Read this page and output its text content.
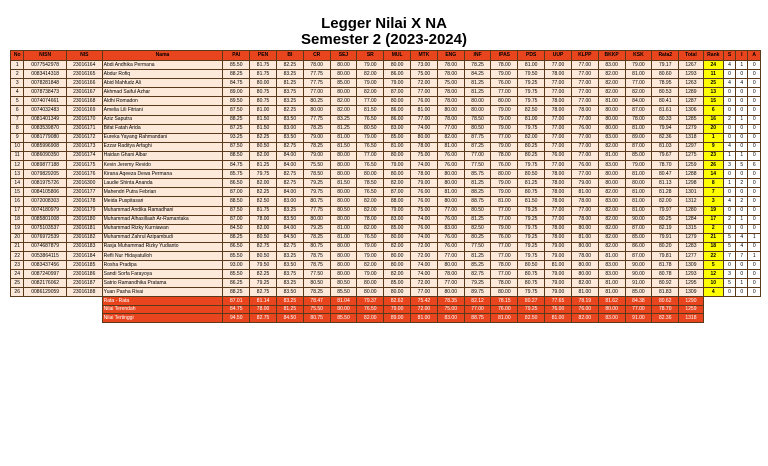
Legger Nilai X NA
Semester 2 (2023-2024)
No	NISN	NIS	Nama	PAI	PEN	BI	CR	SEJ	SR	MUL	MTK	ENG	INF	IPAS	PDS	UUP	KLPP	BKKP	KSK	Rata2	Total	Rank	S	I	A
1	0077542978	23016164	Abdi Andhika Permana	85.50	81.75	82.25	78.00	80.00	79.00	80.00	73.00	78.00	78.25	78.00	81.00	77.00	77.00	83.00	79.00	79.17	1267	24	4	1	0
2	0083414318	23016165	Abdur Rofiq	88.25	81.75	83.25	77.75	80.00	82.00	86.00	75.00	78.00	84.25	79.00	79.50	78.00	77.00	82.00	81.00	80.60	1293	11	0	0	0
3	0078281848	23016166	Abid Mahfudz Ali	84.75	80.00	81.25	77.75	85.00	79.00	79.00	72.00	75.00	81.25	76.00	79.25	77.00	77.00	82.00	77.00	78.95	1263	25	4	4	0
4	0078738473	23016167	Akhmad Saiful Azhar	89.00	80.75	83.75	77.00	80.00	82.00	87.00	77.00	78.00	81.25	77.00	79.75	77.00	77.00	82.00	82.00	80.53	1289	13	0	0	0
5	0074074661	23016168	Aldhi Romadon	89.50	80.75	83.25	80.25	82.00	77.00	80.00	76.00	78.00	80.00	80.00	79.75	78.00	77.00	81.00	84.00	80.41	1287	15	0	0	0
6	0074032483	23016169	Amelia Lili Fitriani	87.50	81.00	82.25	80.00	82.00	81.50	86.00	81.00	80.00	80.00	79.00	82.50	78.00	78.00	80.00	87.00	81.61	1306	6	0	0	0
7	0081401349	23016170	Aziz Saputra	88.25	81.50	83.50	77.75	83.25	76.50	86.00	77.00	78.00	78.50	79.00	81.00	77.00	77.00	80.00	78.00	80.33	1285	16	2	1	0
8	0083539870	23016171	Bifat Fatah Arida	87.25	81.50	83.00	78.25	81.25	80.50	83.00	74.00	77.00	80.50	79.00	79.75	77.00	76.00	80.00	81.00	79.94	1279	20	0	0	0
9	0081779080	23016172	Eureka Yayang Rahmandani	93.25	82.25	83.50	79.00	81.00	79.00	85.00	80.00	82.00	87.75	77.00	82.00	77.00	77.00	83.00	89.00	82.36	1318	1	0	0	0
10	0085996908	23016173	Ezzar Raditya Arfaghi	87.50	80.50	82.75	78.25	81.50	76.50	81.00	78.00	81.00	87.25	79.00	80.25	77.00	77.00	82.00	87.00	81.03	1297	9	4	0	0
11	0086090350	23016174	Haidan Ghani Albar	88.50	82.00	84.00	79.00	80.00	77.00	80.00	75.00	76.00	77.00	78.00	80.25	76.00	77.00	81.00	85.00	79.67	1275	23	1	1	0
12	0089877188	23016175	Kevin Jeremy Revido	84.75	81.25	84.00	75.50	80.00	76.50	79.00	74.00	76.00	77.50	76.00	79.75	77.00	76.00	83.00	79.00	78.70	1259	26	3	5	6
13	0079829205	23016176	Kirana Aqeeza Dewa Permana	85.75	79.75	82.75	78.50	80.00	80.00	80.00	78.00	80.00	85.75	80.00	80.50	78.00	77.00	80.00	81.00	80.47	1288	14	0	0	0
14	0081975726	23016300	Laudie Shinta Ananda	86.50	82.00	82.75	79.25	81.50	78.50	82.00	79.00	80.00	81.25	79.00	81.25	78.00	79.00	80.00	80.00	81.13	1298	8	1	2	0
15	0084105806	23016177	Mahendri Putra Febrian	87.00	82.25	84.00	79.75	80.00	76.50	87.00	76.00	81.00	88.25	79.00	80.75	78.00	81.00	82.00	81.00	81.28	1301	7	0	0	0
16	0072008303	23016178	Meida Puspitasari	88.50	82.50	83.00	80.75	80.00	82.00	88.00	76.00	80.00	88.75	81.00	81.50	78.00	78.00	83.00	81.00	82.00	1312	3	4	2	0
17	0074180979	23016179	Muhammad Andika Ramadhani	87.50	81.75	83.25	77.75	80.50	82.00	79.00	75.00	77.00	80.50	77.00	79.25	77.00	77.00	82.00	81.00	79.97	1280	19	0	0	0
18	0085801008	23016180	Muhammad Alhasillaah Ar-Ramantaka	87.00	78.00	83.50	80.00	80.00	78.00	83.00	74.00	76.00	81.25	77.00	79.25	77.00	78.00	82.00	90.00	80.25	1284	17	2	1	0
19	0075103537	23016181	Muhammad Rizky Kurniawan	84.50	82.00	84.00	79.25	81.00	82.00	85.00	76.00	83.00	82.50	79.00	79.75	78.00	80.00	82.00	87.00	82.19	1315	2	0	0	0
20	0076972539	23016182	Muhammad Zahrul Azipambudi	88.25	80.50	84.50	78.25	81.00	76.50	80.00	74.00	76.00	80.25	76.00	79.25	78.00	81.00	82.00	85.00	79.91	1279	21	5	4	1
21	0074687879	23016183	Rasja Muhammad Rizky Yudianto	86.50	82.75	82.75	80.75	80.00	79.00	82.00	72.00	76.00	77.50	77.00	79.25	79.00	80.00	82.00	86.00	80.20	1283	18	5	4	0
22	0053864115	23016184	Refli Nur Hidayatulloh	85.50	80.50	83.25	78.75	80.00	79.00	80.00	72.00	77.00	81.25	77.00	79.75	79.00	78.00	81.00	87.00	79.81	1277	22	7	7	1
23	0083437456	23016185	Rosha Pradipa	93.00	79.50	83.50	78.75	80.00	82.00	80.00	74.00	80.00	85.25	78.00	80.50	81.00	80.00	83.00	90.00	81.78	1309	5	0	0	0
24	0087240997	23016186	Sandi Sorfa Farayoya	85.50	82.25	83.75	77.50	80.00	79.00	82.00	74.00	78.00	82.75	77.00	80.75	79.00	80.00	83.00	90.00	80.78	1293	12	3	0	0
25	0082176062	23016187	Satrio Ramandhika Pratama	86.25	79.25	83.25	80.50	80.50	80.00	85.00	72.00	77.00	79.25	78.00	80.75	79.00	82.00	81.00	91.00	80.92	1295	10	5	1	0
26	0086129059	23016188	Yuan Pasha Rivai	88.25	82.75	83.50	78.25	85.50	80.00	80.00	77.00	80.00	89.75	80.00	79.75	79.00	81.00	81.00	85.00	81.83	1309	4	0	0	0
			Rata - Rata	87.01	81.14	83.25	78.47	81.04	79.37	82.62	75.42	78.35	82.12	78.15	80.27	77.65	78.19	81.62	84.38	80.62	1290				
			Nilai Terendah	84.75	78.00	81.25	75.50	80.00	76.50	79.00	72.00	75.00	77.00	76.00	79.25	76.00	76.00	80.00	77.00	78.70	1259				
			Nilai Tertinggi	94.50	82.75	84.50	80.75	85.50	82.00	89.00	81.00	83.00	88.75	81.00	82.50	81.00	82.00	83.00	91.00	82.36	1318				
